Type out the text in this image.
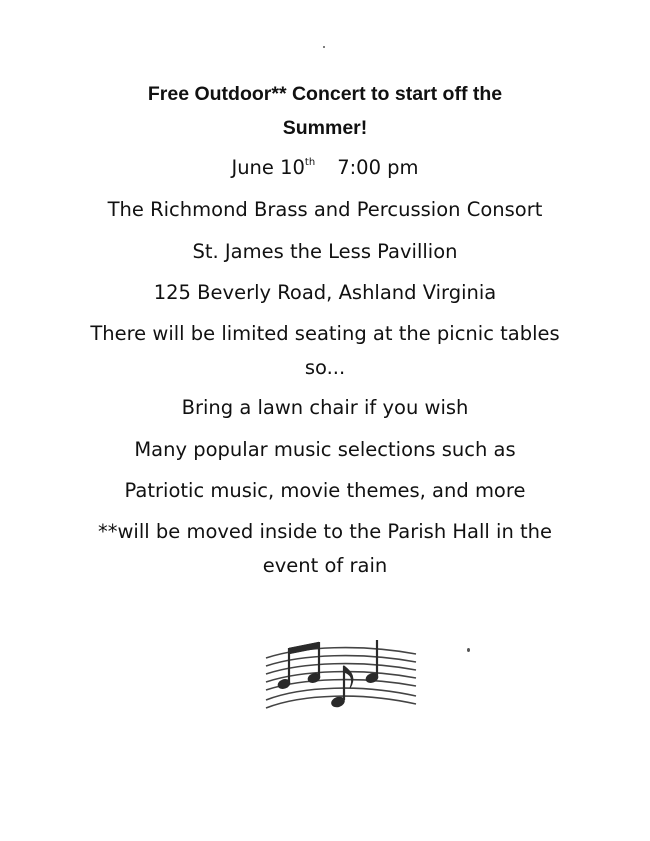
Free Outdoor** Concert to start off the
Summer!
June 10th 7:00 pm
The Richmond Brass and Percussion Consort
St. James the Less Pavillion
125 Beverly Road, Ashland Virginia
There will be limited seating at the picnic tables
so...
Bring a lawn chair if you wish
Many popular music selections such as
Patriotic music, movie themes, and more
**will be moved inside to the Parish Hall in the
event of rain
